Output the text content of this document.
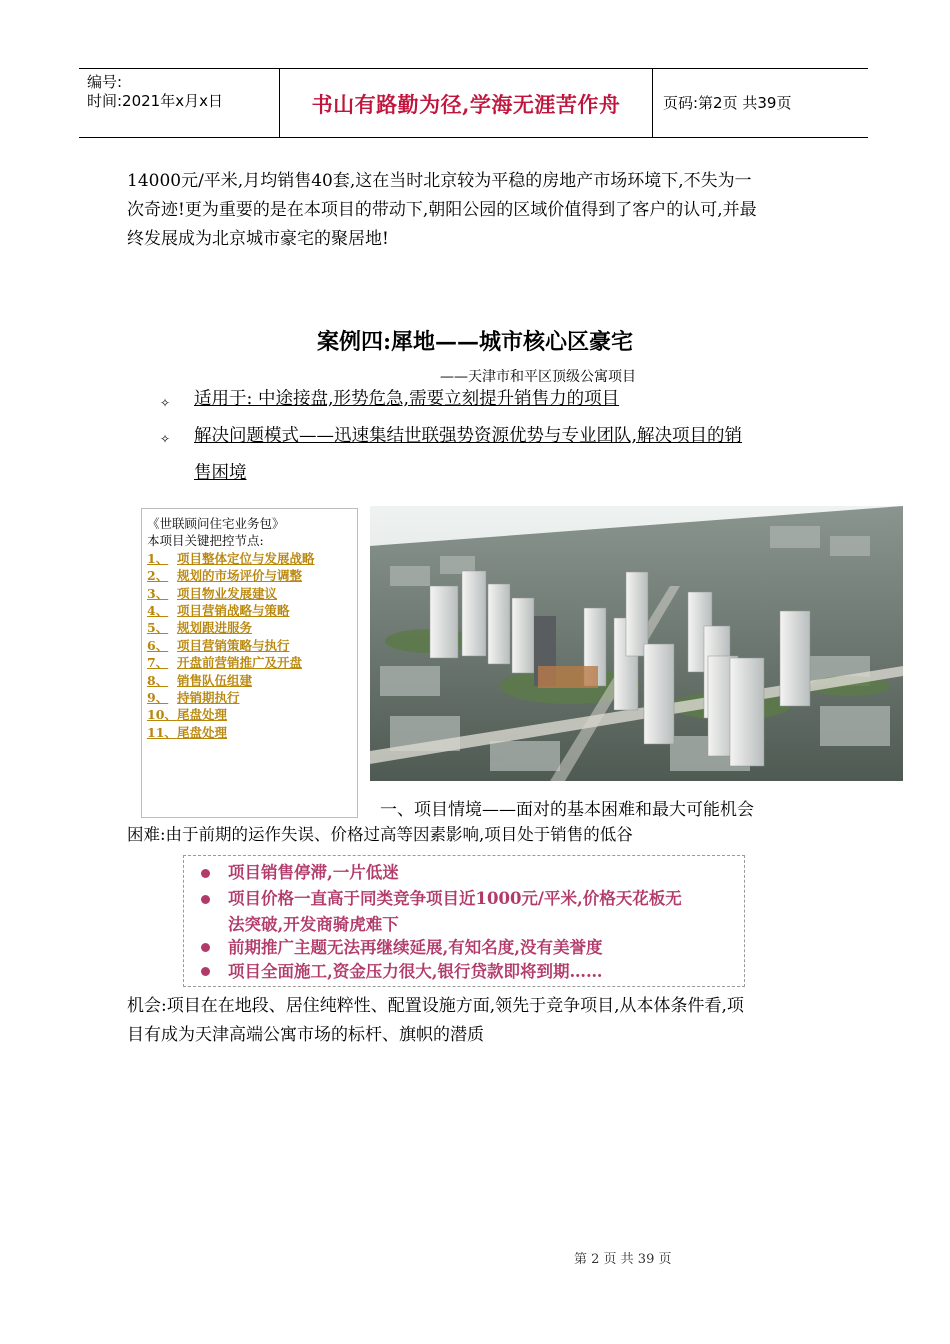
编号:
时间:2021年x月x日	书山有路勤为径,学海无涯苦作舟	页码:第2页 共39页
14000元/平米,月均销售40套,这在当时北京较为平稳的房地产市场环境下,不失为一
次奇迹!更为重要的是在本项目的带动下,朝阳公园的区域价值得到了客户的认可,并最
终发展成为北京城市豪宅的聚居地!
案例四:犀地——城市核心区豪宅
——天津市和平区顶级公寓项目
✧ 适用于: 中途接盘,形势危急,需要立刻提升销售力的项目
✧ 解决问题模式——迅速集结世联强势资源优势与专业团队,解决项目的销
售困境
《世联顾问住宅业务包》
本项目关键把控节点:
1、 项目整体定位与发展战略
2、 规划的市场评价与调整
3、 项目物业发展建议
4、 项目营销战略与策略
5、 规划跟进服务
6、 项目营销策略与执行
7、 开盘前营销推广及开盘
8、 销售队伍组建
9、 持销期执行
10、 尾盘处理
11、 尾盘处理
一、项目情境——面对的基本困难和最大可能机会
困难:由于前期的运作失误、价格过高等因素影响,项目处于销售的低谷
项目销售停滞,一片低迷
项目价格一直高于同类竞争项目近1000元/平米,价格天花板无
法突破,开发商骑虎难下
前期推广主题无法再继续延展,有知名度,没有美誉度
项目全面施工,资金压力很大,银行贷款即将到期……
机会:项目在在地段、居住纯粹性、配置设施方面,领先于竞争项目,从本体条件看,项
目有成为天津高端公寓市场的标杆、旗帜的潜质
第 2 页 共 39 页
